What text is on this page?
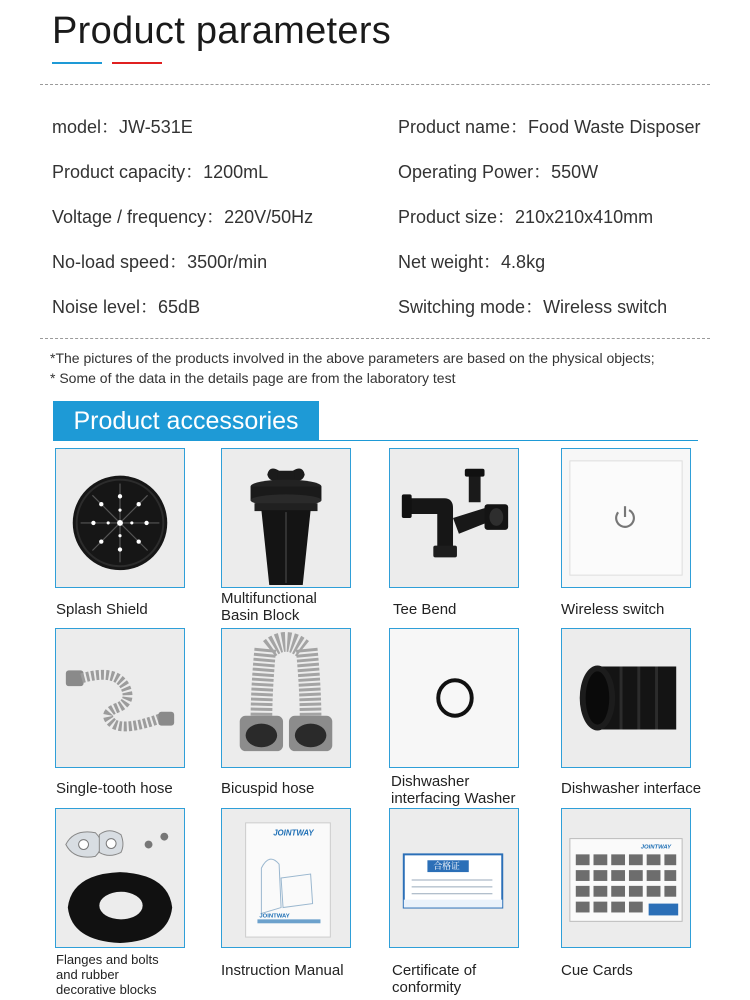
Product parameters
model：JW-531E
Product capacity：1200mL
Voltage / frequency：220V/50Hz
No-load speed：3500r/min
Noise level：65dB
Product name：Food Waste Disposer
Operating Power：550W
Product size：210x210x410mm
Net weight：4.8kg
Switching mode：Wireless switch
*The pictures of the products involved in the above parameters are based on the physical objects;
* Some of the data in the details page are from the laboratory test
Product accessories
Splash Shield
Multifunctional
Basin Block	Tee Bend	Wireless switch
Single-tooth hose	Bicuspid hose	Dishwasher
interfacing Washer
Dishwasher interface
Flanges and bolts
and rubber
decorative blocks
JOINTWAY
JOINTWAY
Instruction Manual
合格证
Certificate of
conformity
JOINTWAY
Cue Cards
